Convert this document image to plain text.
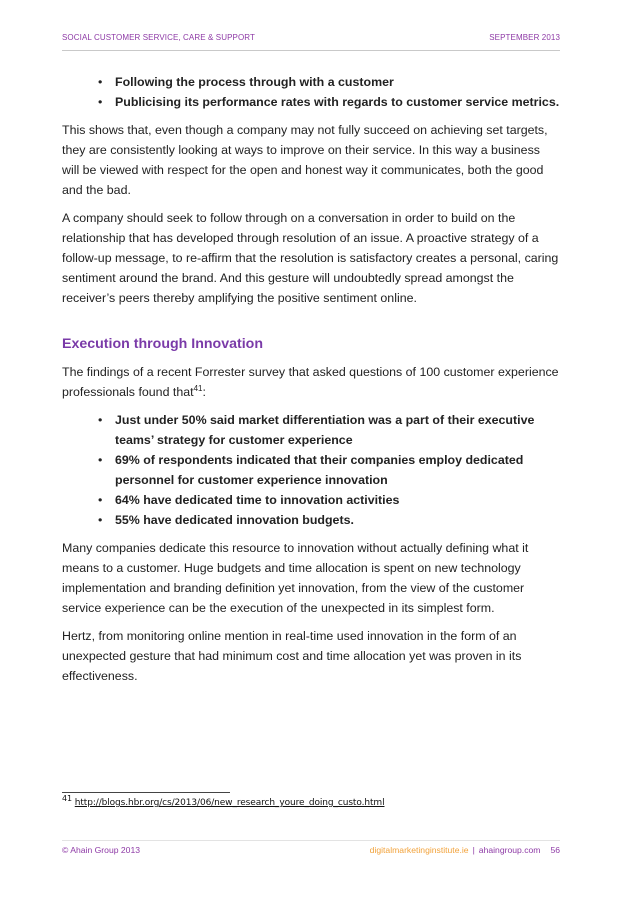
SOCIAL CUSTOMER SERVICE, CARE & SUPPORT	SEPTEMBER 2013
• Following the process through with a customer
• Publicising its performance rates with regards to customer service metrics.

This shows that, even though a company may not fully succeed on achieving set targets, they are consistently looking at ways to improve on their service. In this way a business will be viewed with respect for the open and honest way it communicates, both the good and the bad.

A company should seek to follow through on a conversation in order to build on the relationship that has developed through resolution of an issue. A proactive strategy of a follow-up message, to re-affirm that the resolution is satisfactory creates a personal, caring sentiment around the brand. And this gesture will undoubtedly spread amongst the receiver’s peers thereby amplifying the positive sentiment online.

Execution through Innovation

The findings of a recent Forrester survey that asked questions of 100 customer experience professionals found that$^{41}$:

• Just under 50% said market differentiation was a part of their executive teams’ strategy for customer experience
• 69% of respondents indicated that their companies employ dedicated personnel for customer experience innovation
• 64% have dedicated time to innovation activities
• 55% have dedicated innovation budgets.

Many companies dedicate this resource to innovation without actually defining what it means to a customer. Huge budgets and time allocation is spent on new technology implementation and branding definition yet innovation, from the view of the customer service experience can be the execution of the unexpected in its simplest form.

Hertz, from monitoring online mention in real-time used innovation in the form of an unexpected gesture that had minimum cost and time allocation yet was proven in its effectiveness.

$^{41}$ http://blogs.hbr.org/cs/2013/06/new_research_youre_doing_custo.html
© Ahain Group 2013	digitalmarketinginstitute.ie | ahaingroup.com 56
